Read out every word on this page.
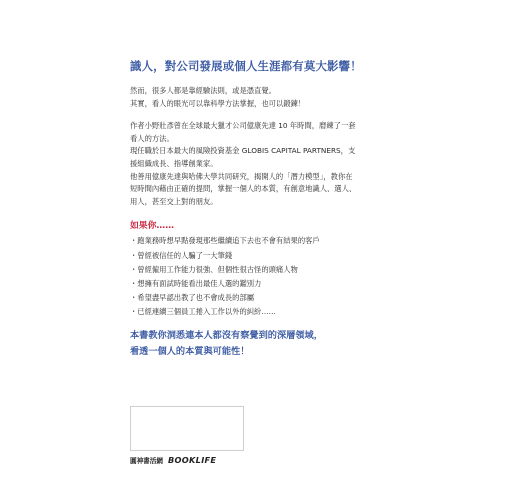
識人，對公司發展或個人生涯都有莫大影響！

然而，很多人都是靠經驗法則，或是憑直覺。

其實，看人的眼光可以靠科學方法掌握，也可以鍛鍊！

作者小野壯彥曾在全球最大獵才公司億康先達 10 年時間，磨練了一套

看人的方法。

現任職於日本最大的風險投資基金 GLOBIS CAPITAL PARTNERS，支

援組織成長、指導創業家。

他善用億康先達與哈佛大學共同研究，揭開人的「潛力模型」，教你在

短時間內藉由正確的提問，掌握一個人的本質，有創意地識人、選人、

用人，甚至交上對的朋友。

如果你……

・跑業務時想早點發現那些繼續追下去也不會有結果的客戶
・曾經被信任的人騙了一大筆錢
・曾經僱用工作能力很強、但個性很古怪的頭痛人物
・想擁有面試時能看出最佳人選的鑑別力
・希望盡早認出教了也不會成長的部屬
・已經連續三個員工捲入工作以外的糾紛……
本書教你洞悉連本人都沒有察覺到的深層領域，
看透一個人的本質與可能性！
圓神書活網 BOOKLIFE
